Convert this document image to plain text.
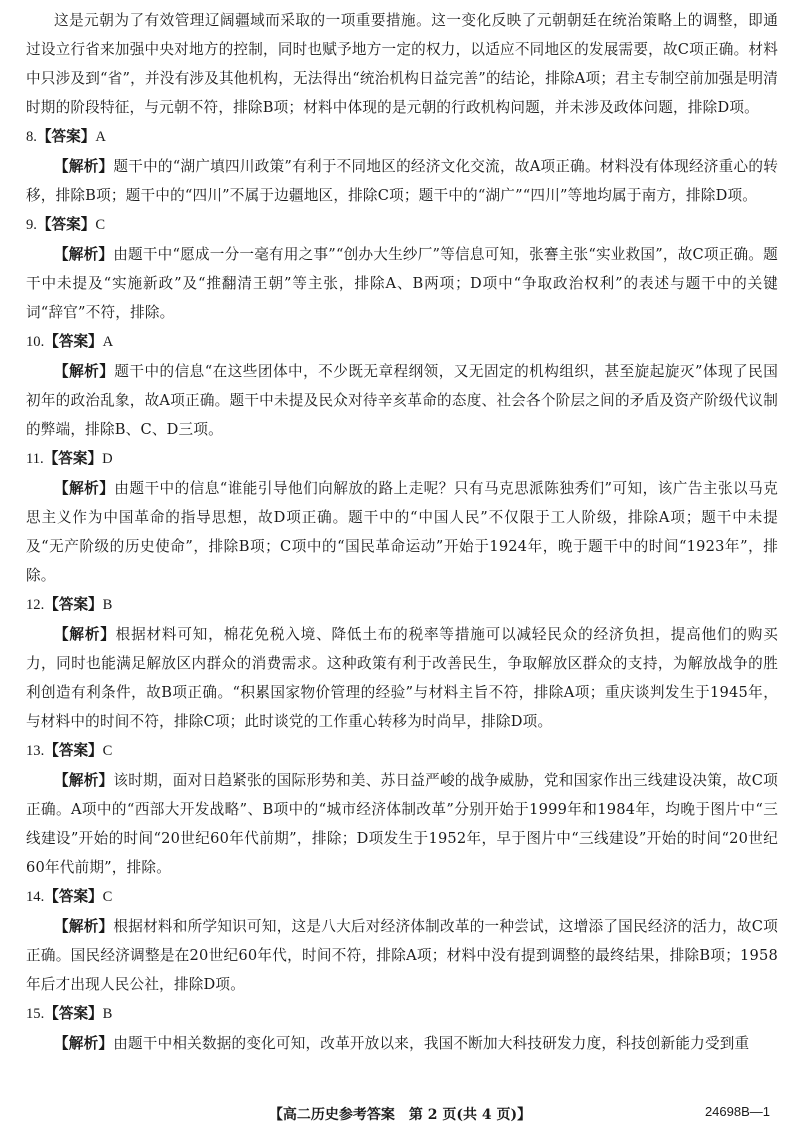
这是元朝为了有效管理辽阔疆域而采取的一项重要措施。这一变化反映了元朝朝廷在统治策略上的调整，即通过设立行省来加强中央对地方的控制，同时也赋予地方一定的权力，以适应不同地区的发展需要，故C项正确。材料中只涉及到“省”，并没有涉及其他机构，无法得出“统治机构日益完善”的结论，排除A项；君主专制空前加强是明清时期的阶段特征，与元朝不符，排除B项；材料中体现的是元朝的行政机构问题，并未涉及政体问题，排除D项。

8.【答案】A

【解析】题干中的“湖广填四川政策”有利于不同地区的经济文化交流，故A项正确。材料没有体现经济重心的转移，排除B项；题干中的“四川”不属于边疆地区，排除C项；题干中的“湖广”“四川”等地均属于南方，排除D项。

9.【答案】C

【解析】由题干中“愿成一分一毫有用之事”“创办大生纱厂”等信息可知，张謇主张“实业救国”，故C项正确。题干中未提及“实施新政”及“推翻清王朝”等主张，排除A、B两项；D项中“争取政治权利”的表述与题干中的关键词“辞官”不符，排除。

10.【答案】A

【解析】题干中的信息“在这些团体中，不少既无章程纲领，又无固定的机构组织，甚至旋起旋灭”体现了民国初年的政治乱象，故A项正确。题干中未提及民众对待辛亥革命的态度、社会各个阶层之间的矛盾及资产阶级代议制的弊端，排除B、C、D三项。

11.【答案】D

【解析】由题干中的信息“谁能引导他们向解放的路上走呢？只有马克思派陈独秀们”可知，该广告主张以马克思主义作为中国革命的指导思想，故D项正确。题干中的“中国人民”不仅限于工人阶级，排除A项；题干中未提及“无产阶级的历史使命”，排除B项；C项中的“国民革命运动”开始于1924年，晚于题干中的时间“1923年”，排除。

12.【答案】B

【解析】根据材料可知，棉花免税入境、降低土布的税率等措施可以减轻民众的经济负担，提高他们的购买力，同时也能满足解放区内群众的消费需求。这种政策有利于改善民生，争取解放区群众的支持，为解放战争的胜利创造有利条件，故B项正确。“积累国家物价管理的经验”与材料主旨不符，排除A项；重庆谈判发生于1945年，与材料中的时间不符，排除C项；此时谈党的工作重心转移为时尚早，排除D项。

13.【答案】C

【解析】该时期，面对日趋紧张的国际形势和美、苏日益严峻的战争威胁，党和国家作出三线建设决策，故C项正确。A项中的“西部大开发战略”、B项中的“城市经济体制改革”分别开始于1999年和1984年，均晚于图片中“三线建设”开始的时间“20世纪60年代前期”，排除；D项发生于1952年，早于图片中“三线建设”开始的时间“20世纪60年代前期”，排除。

14.【答案】C

【解析】根据材料和所学知识可知，这是八大后对经济体制改革的一种尝试，这增添了国民经济的活力，故C项正确。国民经济调整是在20世纪60年代，时间不符，排除A项；材料中没有提到调整的最终结果，排除B项；1958年后才出现人民公社，排除D项。

15.【答案】B

【解析】由题干中相关数据的变化可知，改革开放以来，我国不断加大科技研发力度，科技创新能力受到重

【高二历史参考答案　第 2 页(共 4 页)】	24698B—1
